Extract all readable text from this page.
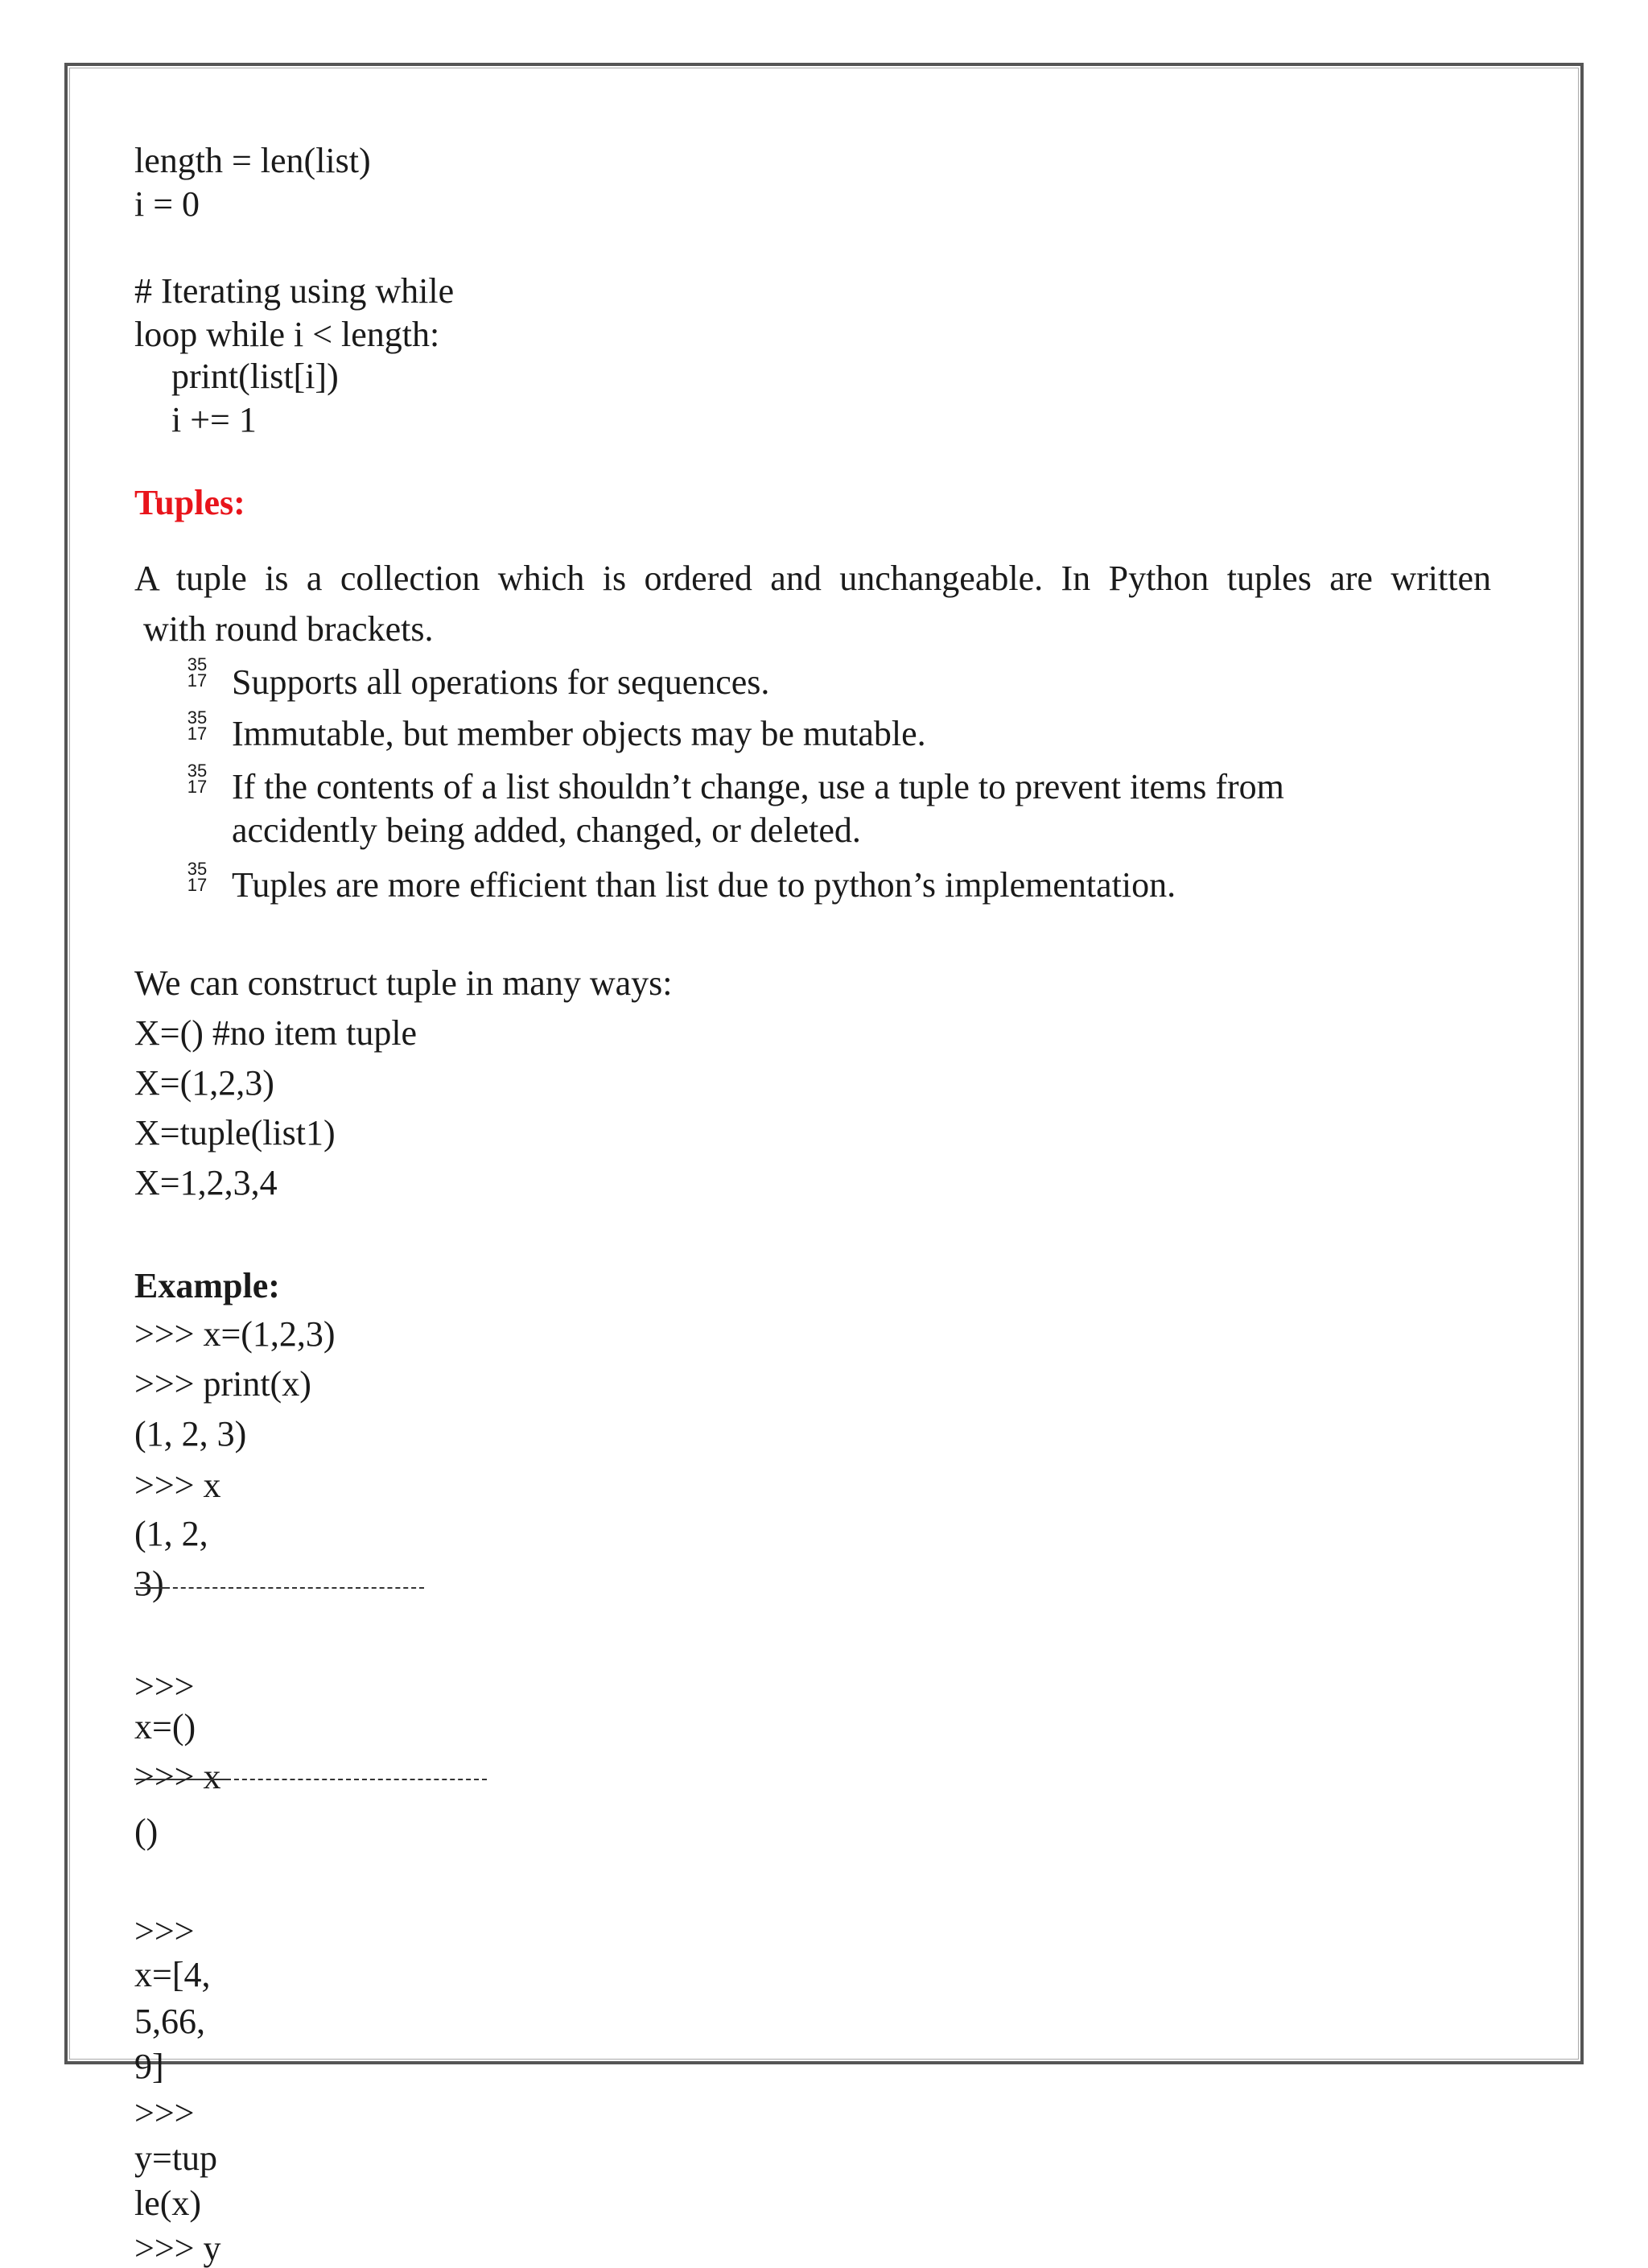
length = len(list)
i = 0
# Iterating using while
loop while i < length:
print(list[i])
i += 1
Tuples:
A tuple is a collection which is ordered and unchangeable. In Python tuples are written
with round brackets.
35
17 Supports all operations for sequences.
35
17 Immutable, but member objects may be mutable.
35
17 If the contents of a list shouldn’t change, use a tuple to prevent items from
accidently being added, changed, or deleted.
35
17 Tuples are more efficient than list due to python’s implementation.
We can construct tuple in many ways:
X=() #no item tuple
X=(1,2,3)
X=tuple(list1)
X=1,2,3,4
Example:
>>> x=(1,2,3)
>>> print(x)
(1, 2, 3)
>>> x
(1, 2,
3)
>>>
x=()
>>> x
()
>>>
x=[4,
5,66,
9]
>>>
y=tup
le(x)
>>> y
